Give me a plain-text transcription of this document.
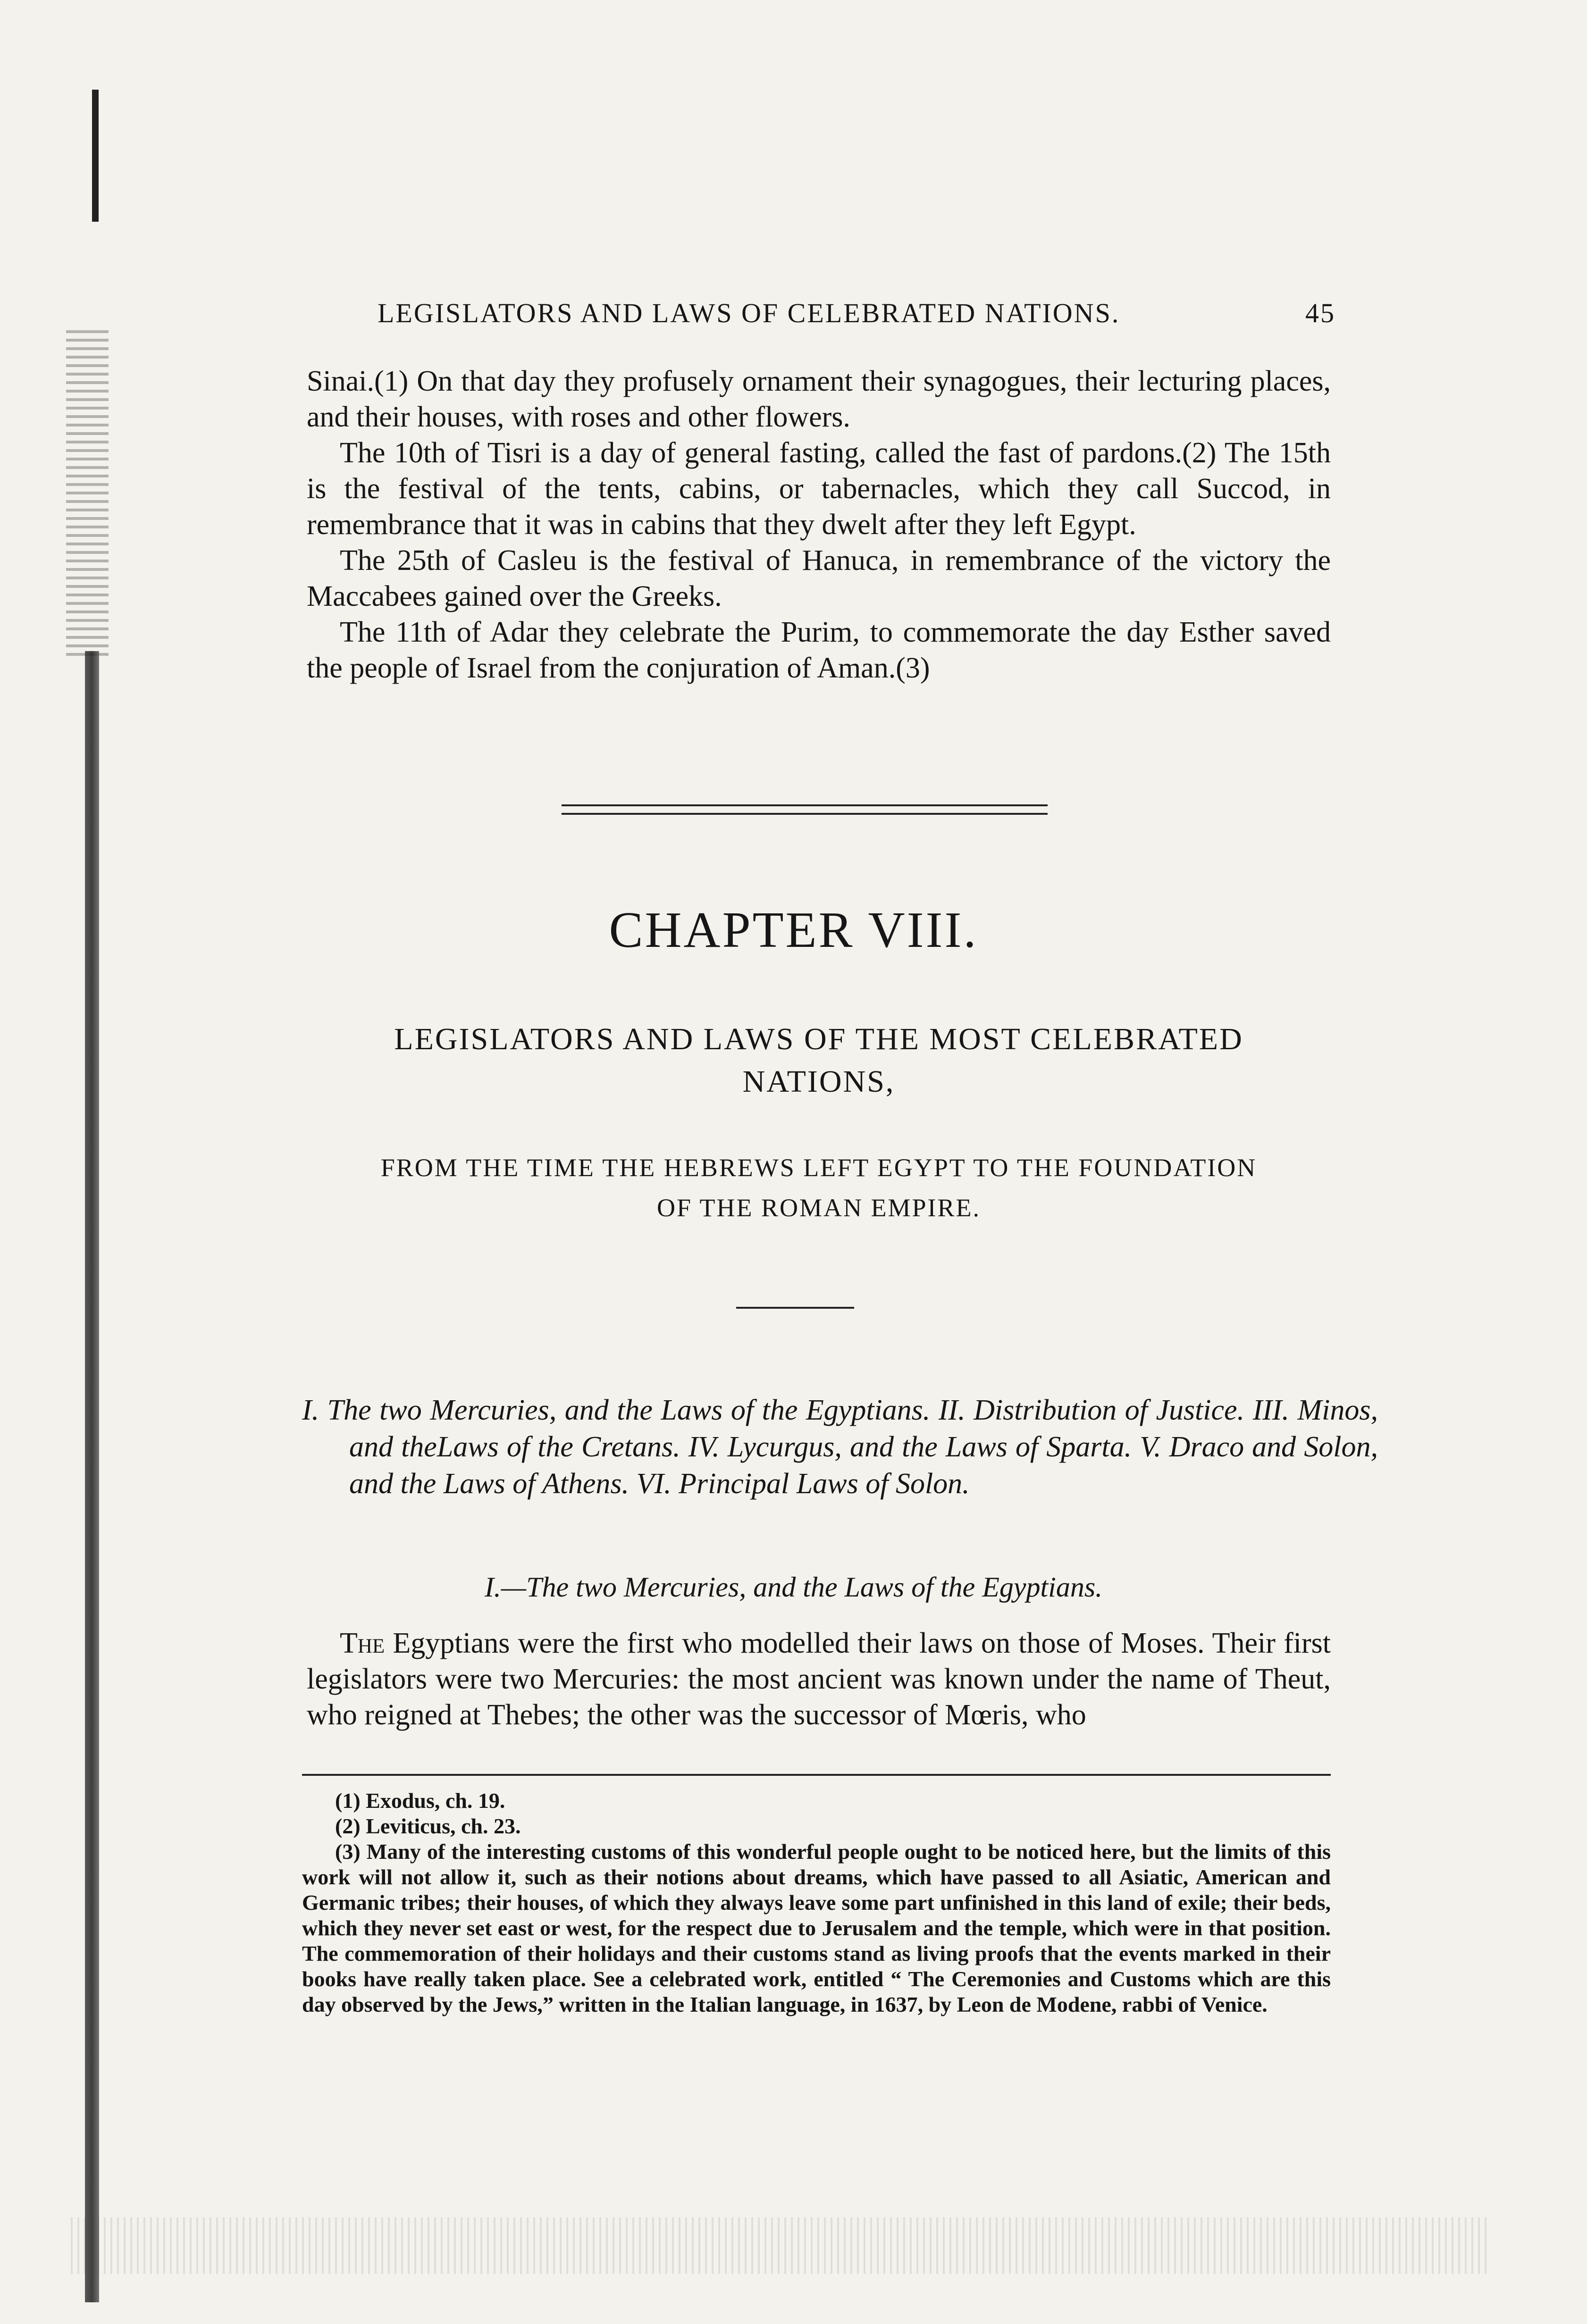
LEGISLATORS AND LAWS OF CELEBRATED NATIONS.	45

Sinai.(1) On that day they profusely ornament their synagogues, their lecturing places, and their houses, with roses and other flowers.

The 10th of Tisri is a day of general fasting, called the fast of pardons.(2) The 15th is the festival of the tents, cabins, or tabernacles, which they call Succod, in remembrance that it was in cabins that they dwelt after they left Egypt.

The 25th of Casleu is the festival of Hanuca, in remembrance of the victory the Maccabees gained over the Greeks.

The 11th of Adar they celebrate the Purim, to commemorate the day Esther saved the people of Israel from the conjuration of Aman.(3)

CHAPTER VIII.
LEGISLATORS AND LAWS OF THE MOST CELEBRATED
NATIONS,
FROM THE TIME THE HEBREWS LEFT EGYPT TO THE FOUNDATION
OF THE ROMAN EMPIRE.

I. The two Mercuries, and the Laws of the Egyptians. II. Distribution of Justice. III. Minos, and theLaws of the Cretans. IV. Lycurgus, and the Laws of Sparta. V. Draco and Solon, and the Laws of Athens. VI. Principal Laws of Solon.

I.—The two Mercuries, and the Laws of the Egyptians.

The Egyptians were the first who modelled their laws on those of Moses. Their first legislators were two Mercuries: the most ancient was known under the name of Theut, who reigned at Thebes; the other was the successor of Mœris, who

(1) Exodus, ch. 19.

(2) Leviticus, ch. 23.

(3) Many of the interesting customs of this wonderful people ought to be noticed here, but the limits of this work will not allow it, such as their notions about dreams, which have passed to all Asiatic, American and Germanic tribes; their houses, of which they always leave some part unfinished in this land of exile; their beds, which they never set east or west, for the respect due to Jerusalem and the temple, which were in that position. The commemoration of their holidays and their customs stand as living proofs that the events marked in their books have really taken place. See a celebrated work, entitled “ The Ceremonies and Customs which are this day observed by the Jews,” written in the Italian language, in 1637, by Leon de Modene, rabbi of Venice.
